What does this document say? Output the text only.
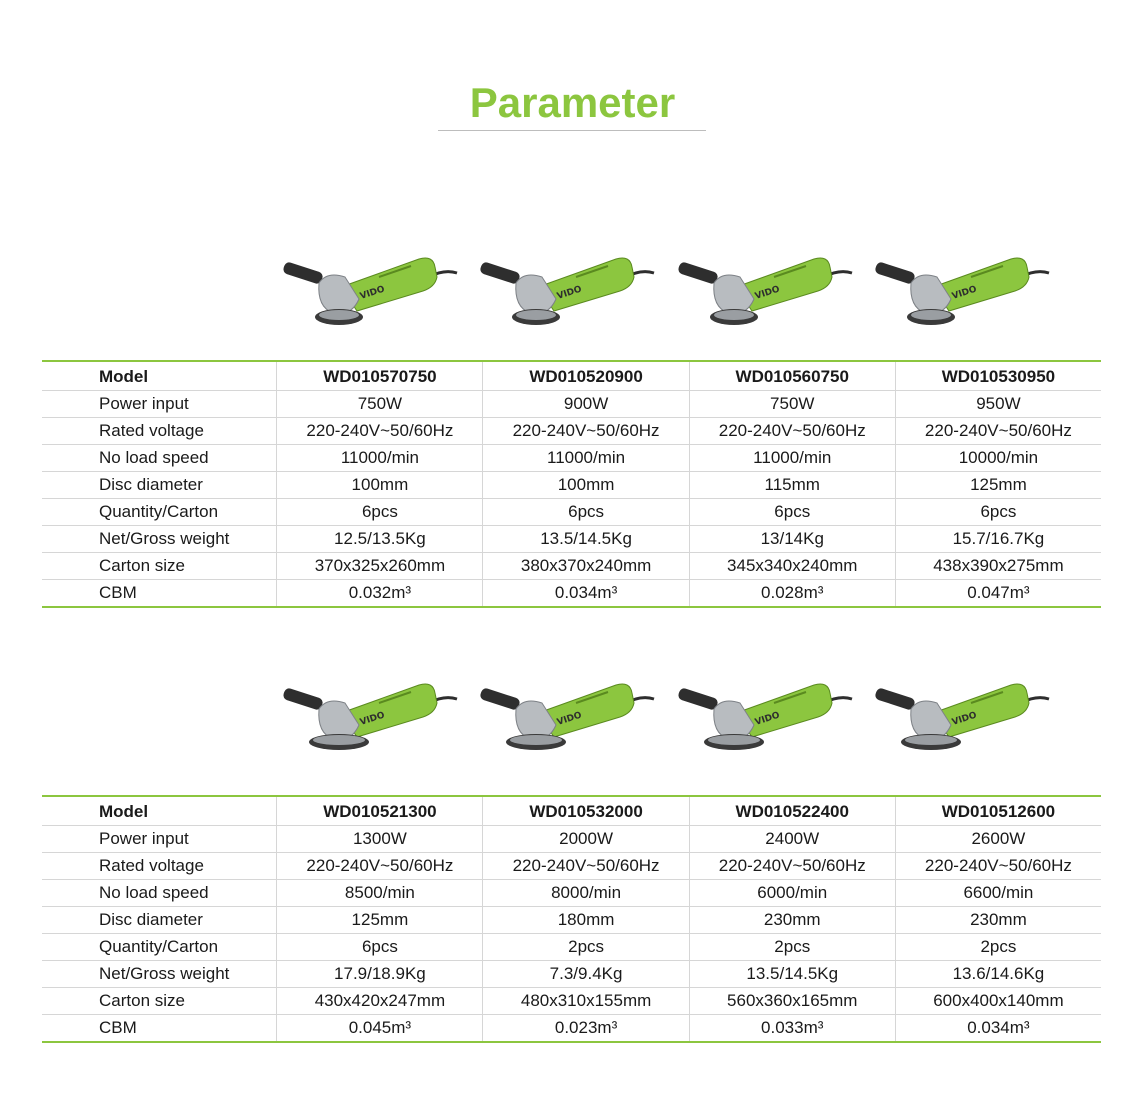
Parameter
VIDO	VIDO	VIDO	VIDO
Model	WD010570750	WD010520900	WD010560750	WD010530950
Power input	750W	900W	750W	950W
Rated voltage	220-240V~50/60Hz	220-240V~50/60Hz	220-240V~50/60Hz	220-240V~50/60Hz
No load speed	11000/min	11000/min	11000/min	10000/min
Disc diameter	100mm	100mm	115mm	125mm
Quantity/Carton	6pcs	6pcs	6pcs	6pcs
Net/Gross weight	12.5/13.5Kg	13.5/14.5Kg	13/14Kg	15.7/16.7Kg
Carton size	370x325x260mm	380x370x240mm	345x340x240mm	438x390x275mm
CBM	0.032m³	0.034m³	0.028m³	0.047m³
VIDO	VIDO	VIDO	VIDO
Model	WD010521300	WD010532000	WD010522400	WD010512600
Power input	1300W	2000W	2400W	2600W
Rated voltage	220-240V~50/60Hz	220-240V~50/60Hz	220-240V~50/60Hz	220-240V~50/60Hz
No load speed	8500/min	8000/min	6000/min	6600/min
Disc diameter	125mm	180mm	230mm	230mm
Quantity/Carton	6pcs	2pcs	2pcs	2pcs
Net/Gross weight	17.9/18.9Kg	7.3/9.4Kg	13.5/14.5Kg	13.6/14.6Kg
Carton size	430x420x247mm	480x310x155mm	560x360x165mm	600x400x140mm
CBM	0.045m³	0.023m³	0.033m³	0.034m³
